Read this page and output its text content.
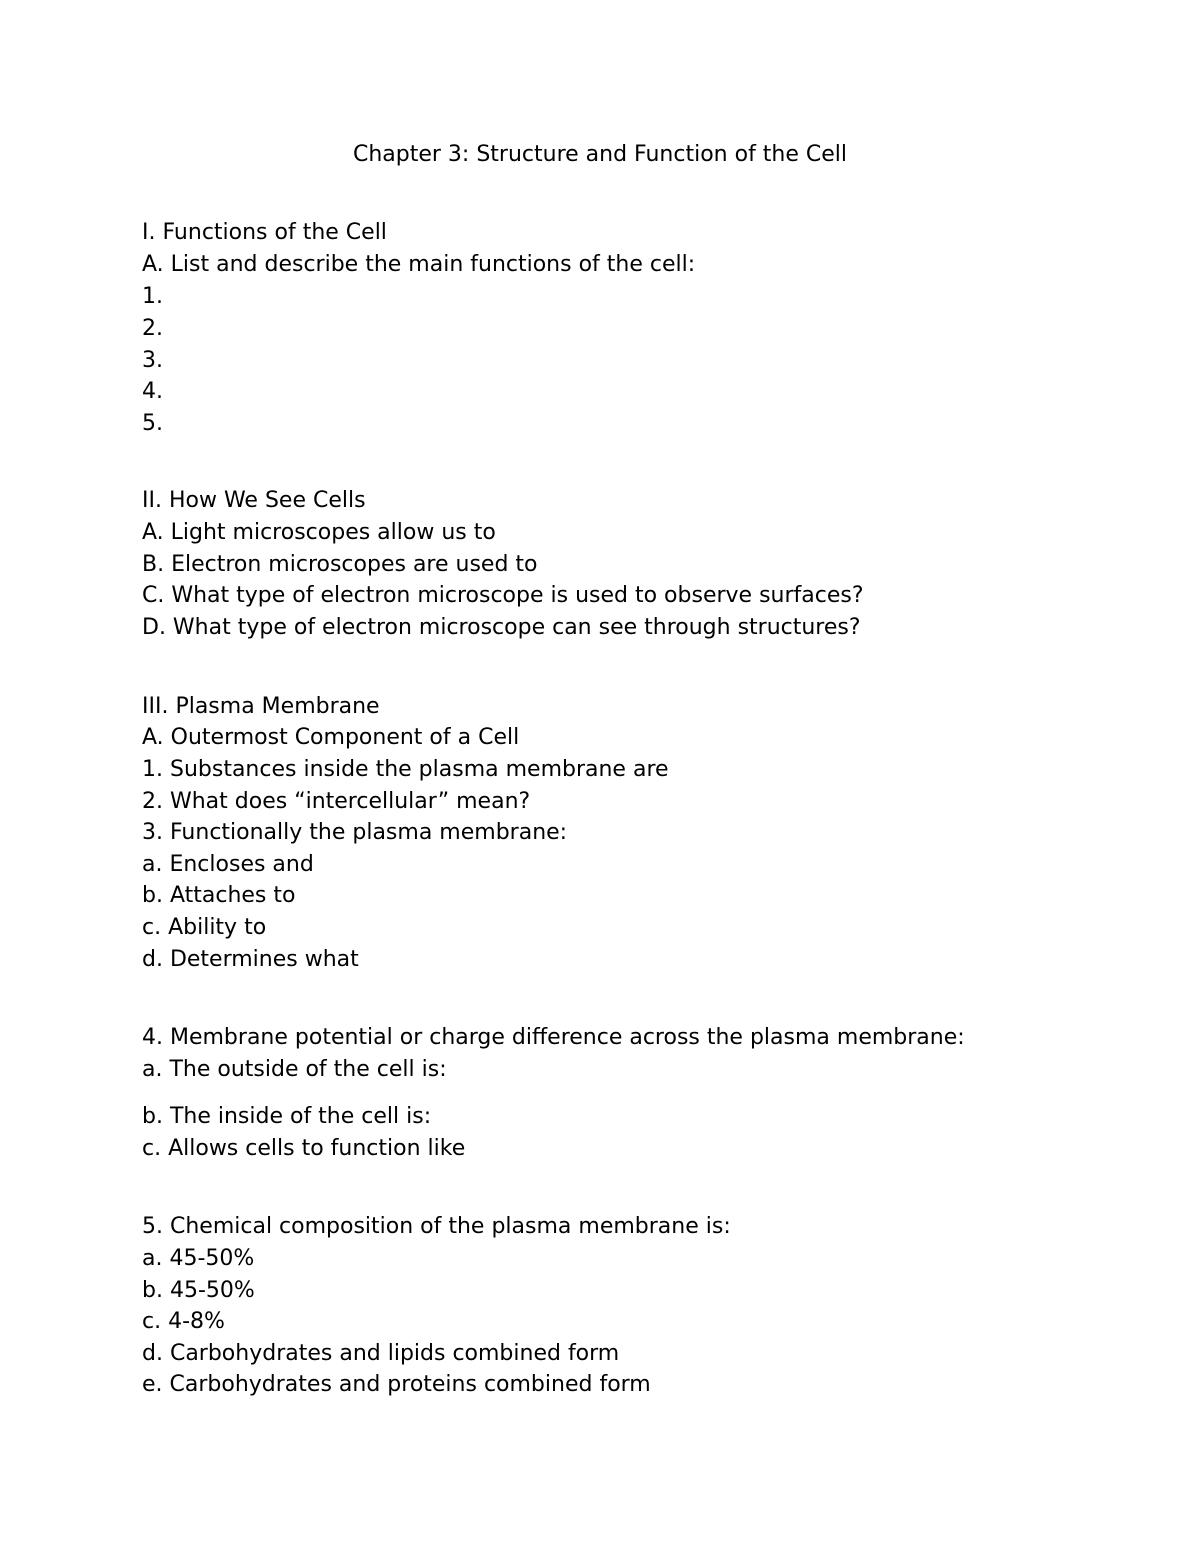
Chapter 3: Structure and Function of the Cell
I. Functions of the Cell
A. List and describe the main functions of the cell:
1.
2.
3.
4.
5.
II. How We See Cells
A. Light microscopes allow us to
B. Electron microscopes are used to
C. What type of electron microscope is used to observe surfaces?
D. What type of electron microscope can see through structures?
III. Plasma Membrane
A. Outermost Component of a Cell
1. Substances inside the plasma membrane are
2. What does “intercellular” mean?
3. Functionally the plasma membrane:
a. Encloses and
b. Attaches to
c. Ability to
d. Determines what
4. Membrane potential or charge difference across the plasma membrane:
a. The outside of the cell is:
b. The inside of the cell is:
c. Allows cells to function like
5. Chemical composition of the plasma membrane is:
a. 45-50%
b. 45-50%
c. 4-8%
d. Carbohydrates and lipids combined form
e. Carbohydrates and proteins combined form
